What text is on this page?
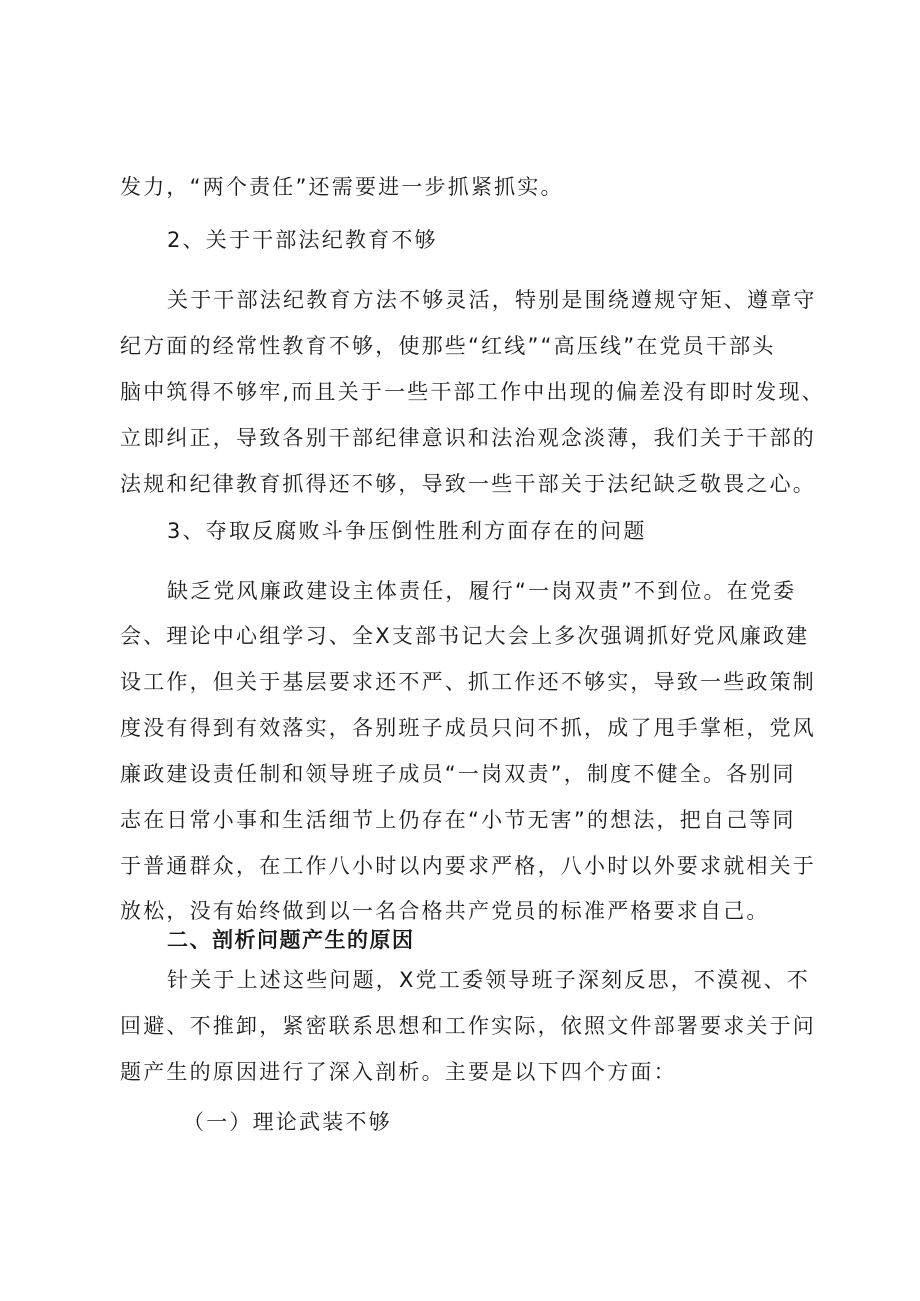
发力，“两个责任”还需要进一步抓紧抓实。
2、关于干部法纪教育不够
关于干部法纪教育方法不够灵活，特别是围绕遵规守矩、遵章守
纪方面的经常性教育不够，使那些“红线”“高压线”在党员干部头
脑中筑得不够牢,而且关于一些干部工作中出现的偏差没有即时发现、
立即纠正，导致各别干部纪律意识和法治观念淡薄，我们关于干部的
法规和纪律教育抓得还不够，导致一些干部关于法纪缺乏敬畏之心。
3、夺取反腐败斗争压倒性胜利方面存在的问题
缺乏党风廉政建设主体责任，履行“一岗双责”不到位。在党委
会、理论中心组学习、全X支部书记大会上多次强调抓好党风廉政建
设工作，但关于基层要求还不严、抓工作还不够实，导致一些政策制
度没有得到有效落实，各别班子成员只问不抓，成了甩手掌柜，党风
廉政建设责任制和领导班子成员“一岗双责”，制度不健全。各别同
志在日常小事和生活细节上仍存在“小节无害”的想法，把自己等同
于普通群众，在工作八小时以内要求严格，八小时以外要求就相关于
放松，没有始终做到以一名合格共产党员的标准严格要求自己。
二、剖析问题产生的原因
针关于上述这些问题，X党工委领导班子深刻反思，不漠视、不
回避、不推卸，紧密联系思想和工作实际，依照文件部署要求关于问
题产生的原因进行了深入剖析。主要是以下四个方面：
（一）理论武装不够
